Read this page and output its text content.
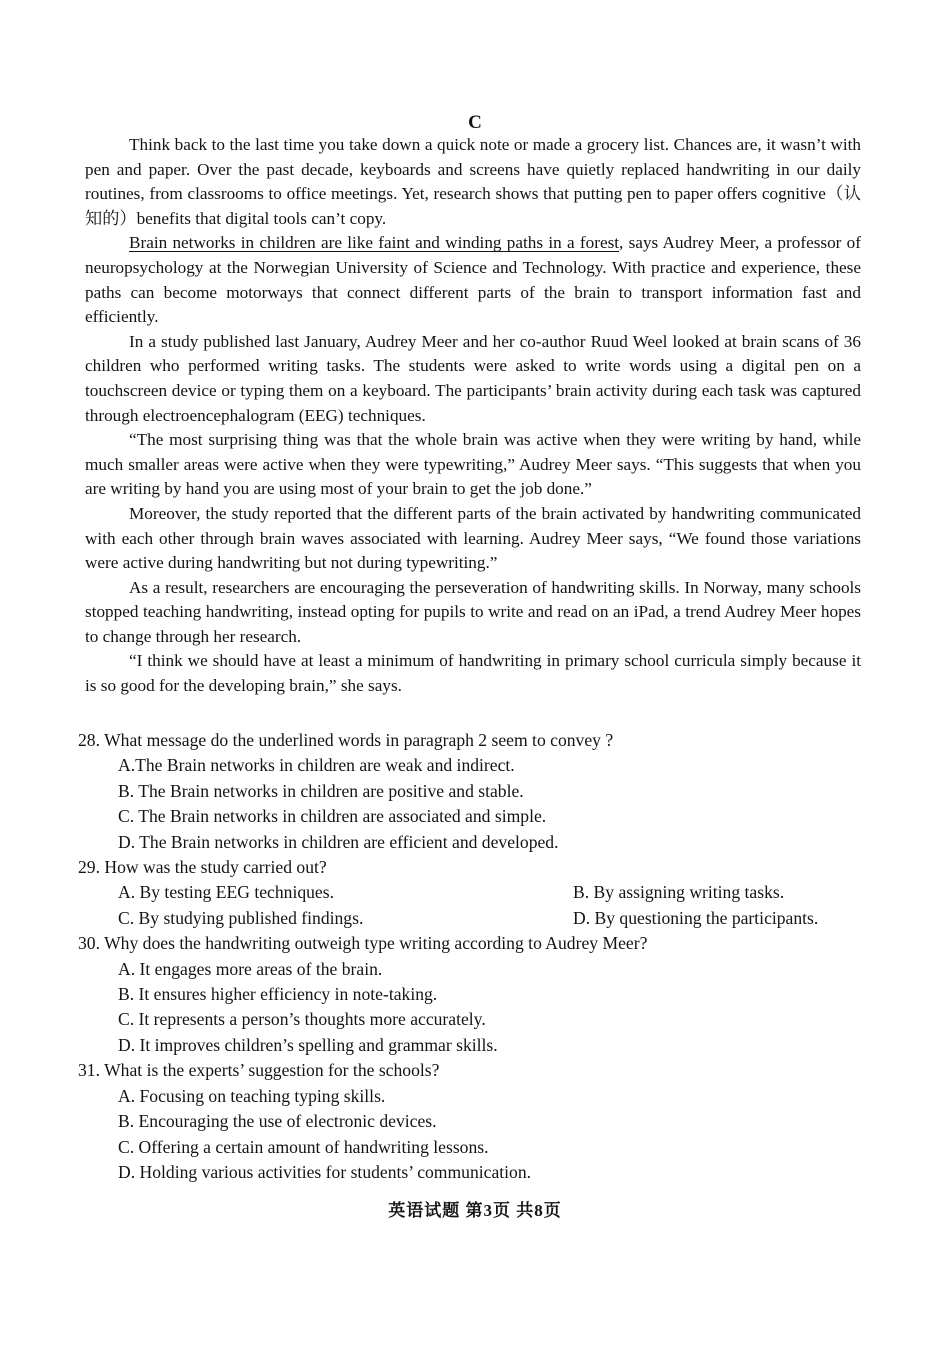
C

Think back to the last time you take down a quick note or made a grocery list. Chances are, it wasn’t with pen and paper. Over the past decade, keyboards and screens have quietly replaced handwriting in our daily routines, from classrooms to office meetings. Yet, research shows that putting pen to paper offers cognitive（认知的）benefits that digital tools can’t copy.

Brain networks in children are like faint and winding paths in a forest, says Audrey Meer, a professor of neuropsychology at the Norwegian University of Science and Technology. With practice and experience, these paths can become motorways that connect different parts of the brain to transport information fast and efficiently.

In a study published last January, Audrey Meer and her co-author Ruud Weel looked at brain scans of 36 children who performed writing tasks. The students were asked to write words using a digital pen on a touchscreen device or typing them on a keyboard. The participants’ brain activity during each task was captured through electroencephalogram (EEG) techniques.

“The most surprising thing was that the whole brain was active when they were writing by hand, while much smaller areas were active when they were typewriting,” Audrey Meer says. “This suggests that when you are writing by hand you are using most of your brain to get the job done.”

Moreover, the study reported that the different parts of the brain activated by handwriting communicated with each other through brain waves associated with learning. Audrey Meer says, “We found those variations were active during handwriting but not during typewriting.”

As a result, researchers are encouraging the perseveration of handwriting skills. In Norway, many schools stopped teaching handwriting, instead opting for pupils to write and read on an iPad, a trend Audrey Meer hopes to change through her research.

“I think we should have at least a minimum of handwriting in primary school curricula simply because it is so good for the developing brain,” she says.

28. What message do the underlined words in paragraph 2 seem to convey ?

A.The Brain networks in children are weak and indirect.

B. The Brain networks in children are positive and stable.

C. The Brain networks in children are associated and simple.

D. The Brain networks in children are efficient and developed.

29. How was the study carried out?

A. By testing EEG techniques.	B. By assigning writing tasks.
C. By studying published findings.	D. By questioning the participants.

30. Why does the handwriting outweigh type writing according to Audrey Meer?

A. It engages more areas of the brain.

B. It ensures higher efficiency in note-taking.

C. It represents a person’s thoughts more accurately.

D. It improves children’s spelling and grammar skills.

31. What is the experts’ suggestion for the schools?

A. Focusing on teaching typing skills.

B. Encouraging the use of electronic devices.

C. Offering a certain amount of handwriting lessons.

D. Holding various activities for students’ communication.

英语试题 第3页 共8页
